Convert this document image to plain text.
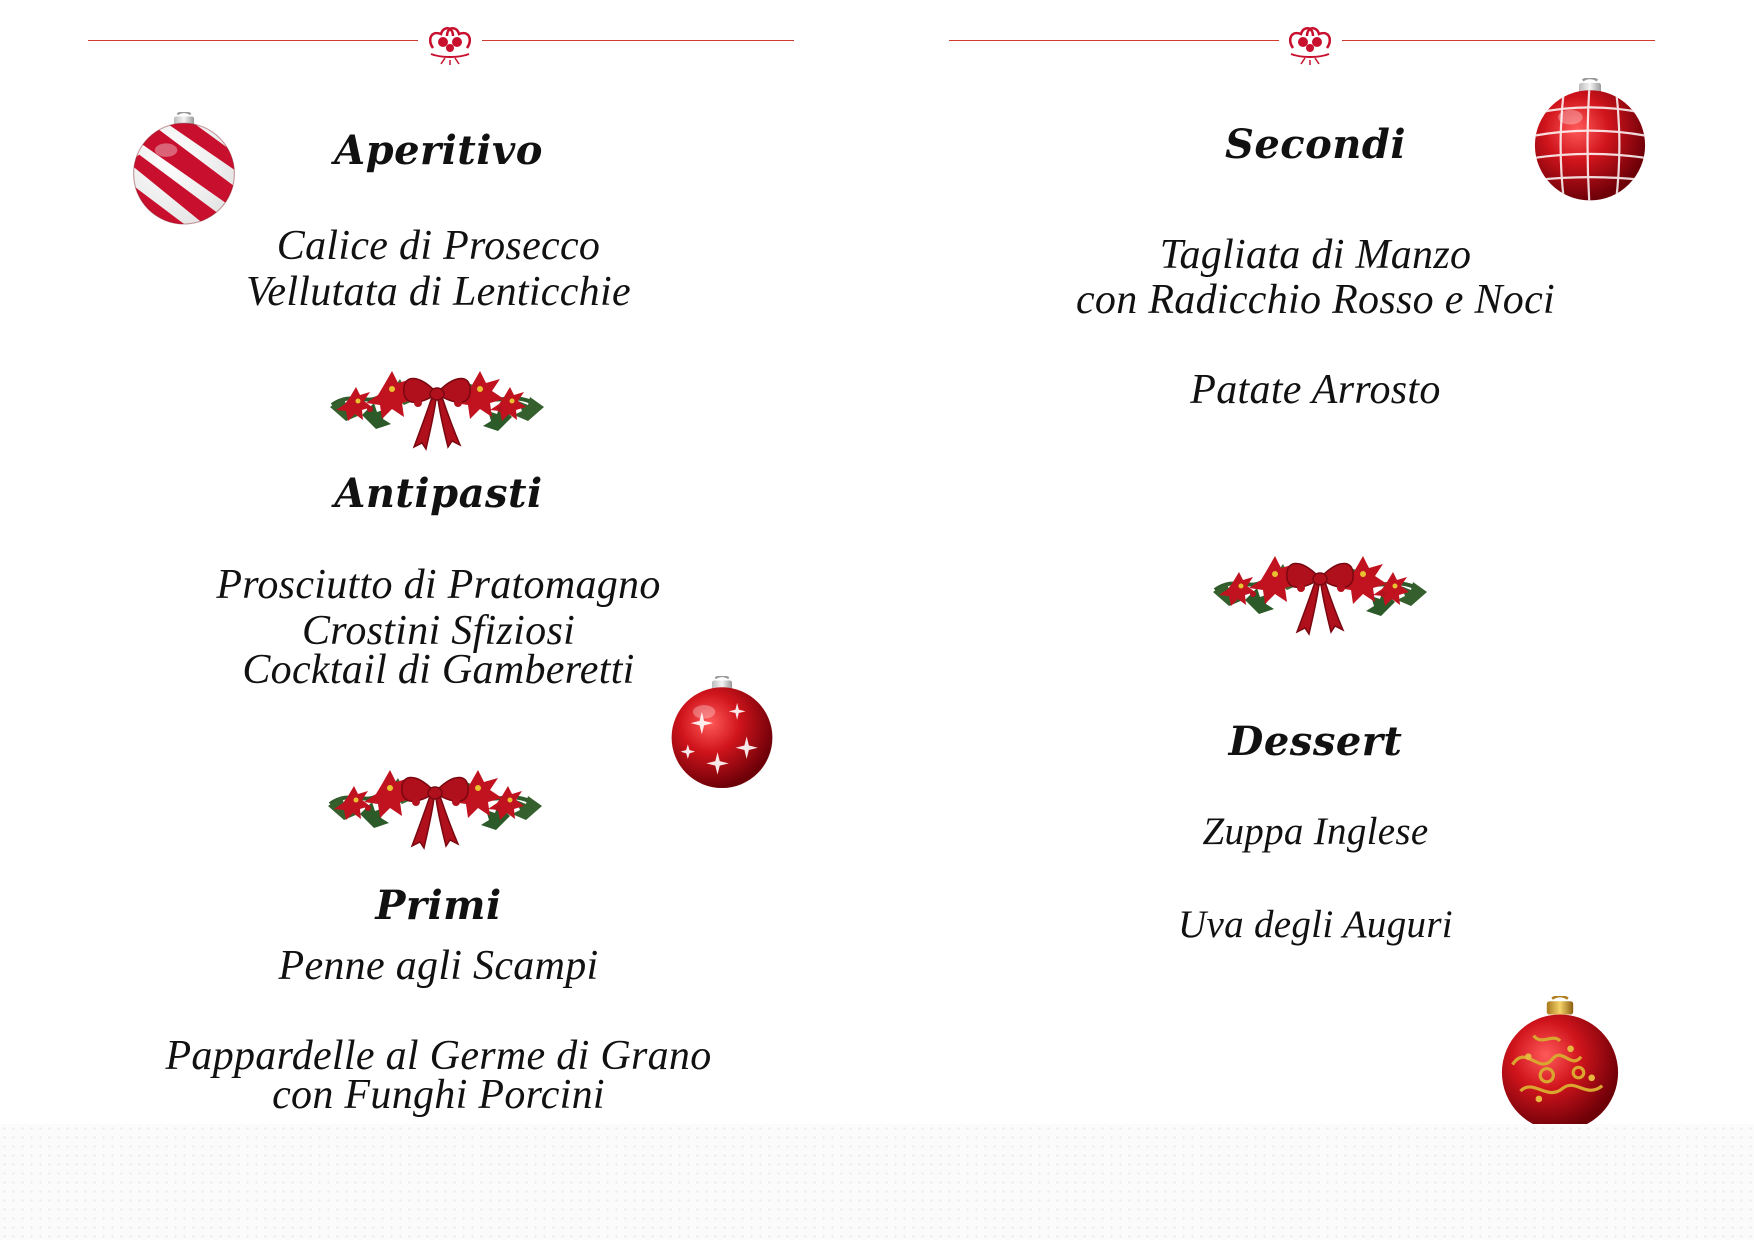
Aperitivo
Calice di Prosecco
Vellutata di Lenticchie
Antipasti
Prosciutto di Pratomagno
Crostini Sfiziosi
Cocktail di Gamberetti
Primi
Penne agli Scampi
Pappardelle al Germe di Grano
con Funghi Porcini
Secondi
Tagliata di Manzo
con Radicchio Rosso e Noci
Patate Arrosto
Dessert
Zuppa Inglese
Uva degli Auguri
